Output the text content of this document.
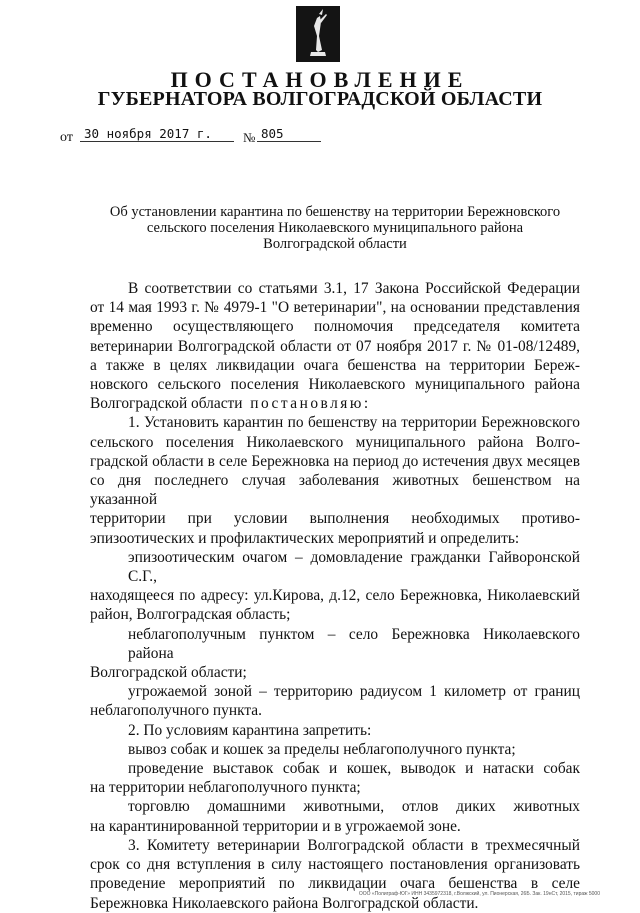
ПОСТАНОВЛЕНИЕ
ГУБЕРНАТОРА ВОЛГОГРАДСКОЙ ОБЛАСТИ
от 30 ноября 2017 г.	№ 805
Об установлении карантина по бешенству на территории Бережновского
сельского поселения Николаевского муниципального района
Волгоградской области
В соответствии со статьями 3.1, 17 Закона Российской Федерации
от 14 мая 1993 г. № 4979-1 "О ветеринарии", на основании представления
временно осуществляющего полномочия председателя комитета
ветеринарии Волгоградской области от 07 ноября 2017 г. № 01-08/12489,
а также в целях ликвидации очага бешенства на территории Береж-
новского сельского поселения Николаевского муниципального района
Волгоградской области постановляю:
1. Установить карантин по бешенству на территории Бережновского
сельского поселения Николаевского муниципального района Волго-
градской области в селе Бережновка на период до истечения двух месяцев
со дня последнего случая заболевания животных бешенством на указанной
территории при условии выполнения необходимых противо-
эпизоотических и профилактических мероприятий и определить:
эпизоотическим очагом – домовладение гражданки Гайворонской С.Г.,
находящееся по адресу: ул.Кирова, д.12, село Бережновка, Николаевский
район, Волгоградская область;
неблагополучным пунктом – село Бережновка Николаевского района
Волгоградской области;
угрожаемой зоной – территорию радиусом 1 километр от границ
неблагополучного пункта.
2. По условиям карантина запретить:
вывоз собак и кошек за пределы неблагополучного пункта;
проведение выставок собак и кошек, выводок и натаски собак
на территории неблагополучного пункта;
торговлю домашними животными, отлов диких животных
на карантинированной территории и в угрожаемой зоне.
3. Комитету ветеринарии Волгоградской области в трехмесячный
срок со дня вступления в силу настоящего постановления организовать
проведение мероприятий по ликвидации очага бешенства в селе
Бережновка Николаевского района Волгоградской области.
ООО «Полиграф-ЮГ» ИНН 3435972318, г.Волжский, ул. Пионерская, 26Б. Зак. 19нСт, 2015, тираж 5000
